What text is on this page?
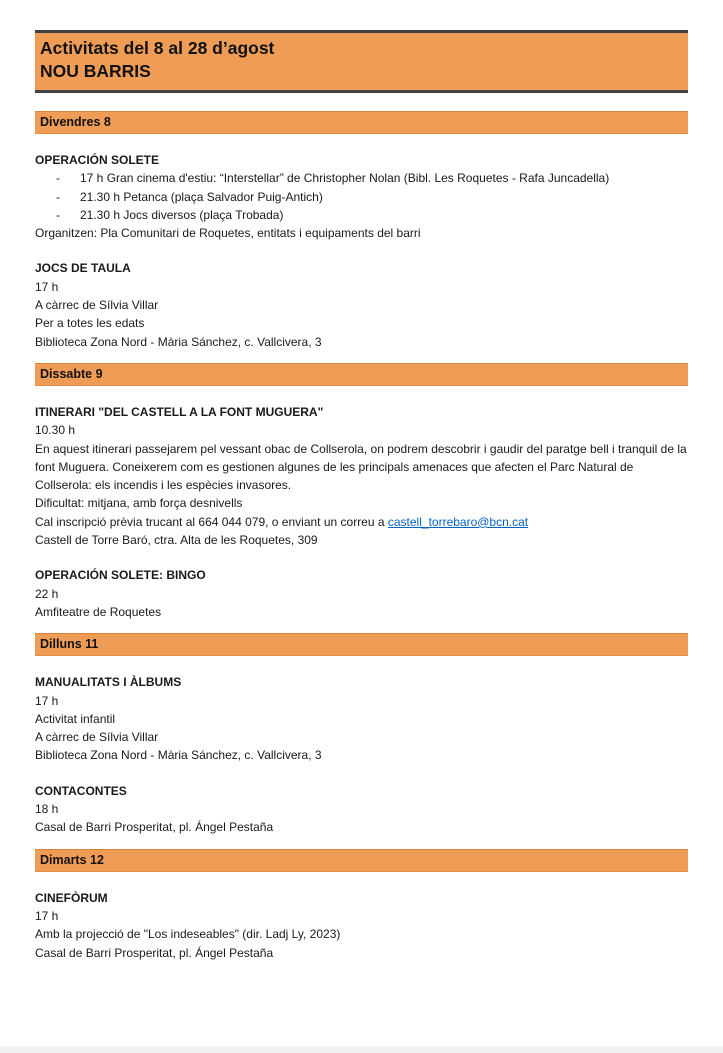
Activitats del 8 al 28 d’agost
NOU BARRIS
Divendres 8
OPERACIÓN SOLETE
-	17 h Gran cinema d'estiu: “Interstellar” de Christopher Nolan (Bibl. Les Roquetes - Rafa Juncadella)
-	21.30 h Petanca (plaça Salvador Puig-Antich)
-	21.30 h Jocs diversos (plaça Trobada)
Organitzen: Pla Comunitari de Roquetes, entitats i equipaments del barri
JOCS DE TAULA
17 h
A càrrec de Sílvia Villar
Per a totes les edats
Biblioteca Zona Nord - Mària Sánchez, c. Vallcivera, 3
Dissabte 9
ITINERARI "DEL CASTELL A LA FONT MUGUERA"
10.30 h
En aquest itinerari passejarem pel vessant obac de Collserola, on podrem descobrir i gaudir del paratge bell i tranquil de la font Muguera. Coneixerem com es gestionen algunes de les principals amenaces que afecten el Parc Natural de Collserola: els incendis i les espècies invasores.
Dificultat: mitjana, amb força desnivells
Cal inscripció prèvia trucant al 664 044 079, o enviant un correu a castell_torrebaro@bcn.cat
Castell de Torre Baró, ctra. Alta de les Roquetes, 309
OPERACIÓN SOLETE: BINGO
22 h
Amfiteatre de Roquetes
Dilluns 11
MANUALITATS I ÀLBUMS
17 h
Activitat infantil
A càrrec de Sílvia Villar
Biblioteca Zona Nord - Mària Sánchez, c. Vallcivera, 3
CONTACONTES
18 h
Casal de Barri Prosperitat, pl. Ángel Pestaña
Dimarts 12
CINEFÒRUM
17 h
Amb la projecció de "Los indeseables" (dir. Ladj Ly, 2023)
Casal de Barri Prosperitat, pl. Ángel Pestaña
